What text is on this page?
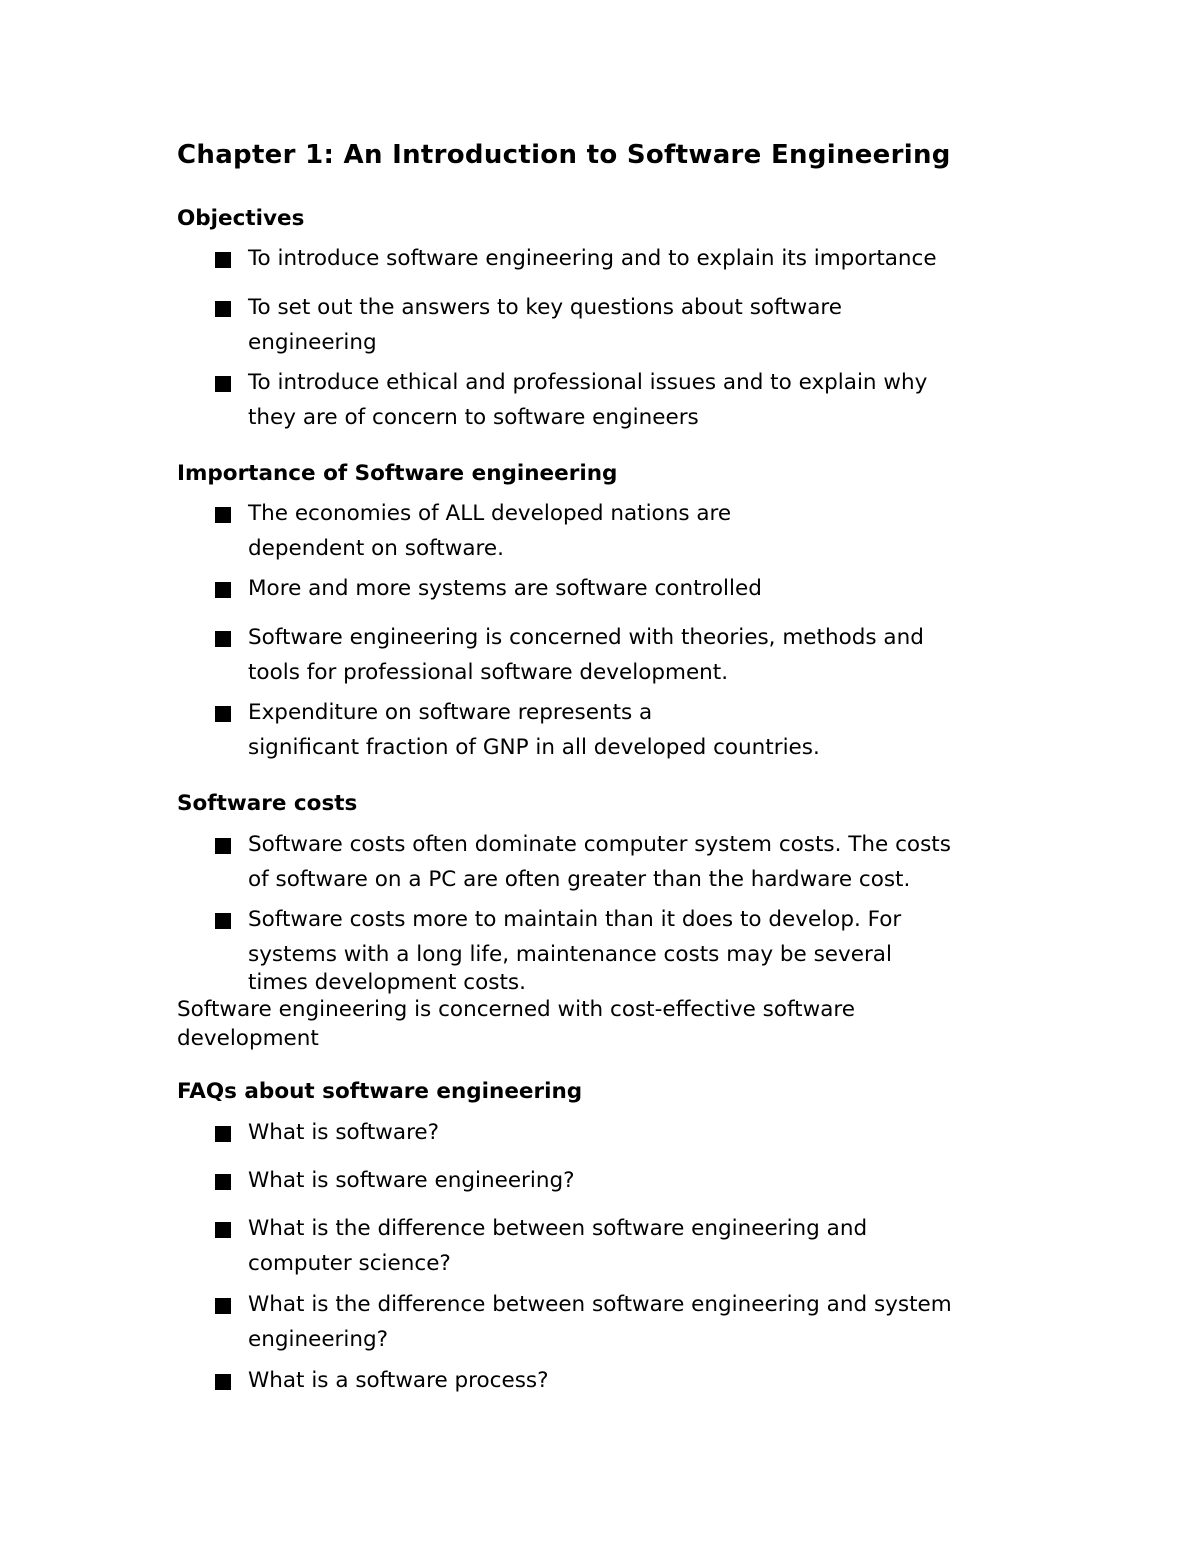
Chapter 1: An Introduction to Software Engineering
Objectives
To introduce software engineering and to explain its importance
To set out the answers to key questions about software
engineering
To introduce ethical and professional issues and to explain why
they are of concern to software engineers
Importance of Software engineering
The economies of ALL developed nations are
dependent on software.
More and more systems are software controlled
Software engineering is concerned with theories, methods and
tools for professional software development.
Expenditure on software represents a
significant fraction of GNP in all developed countries.
Software costs
Software costs often dominate computer system costs. The costs
of software on a PC are often greater than the hardware cost.
Software costs more to maintain than it does to develop. For
systems with a long life, maintenance costs may be several
times development costs.
Software engineering is concerned with cost-effective software
development
FAQs about software engineering
What is software?
What is software engineering?
What is the difference between software engineering and
computer science?
What is the difference between software engineering and system
engineering?
What is a software process?
